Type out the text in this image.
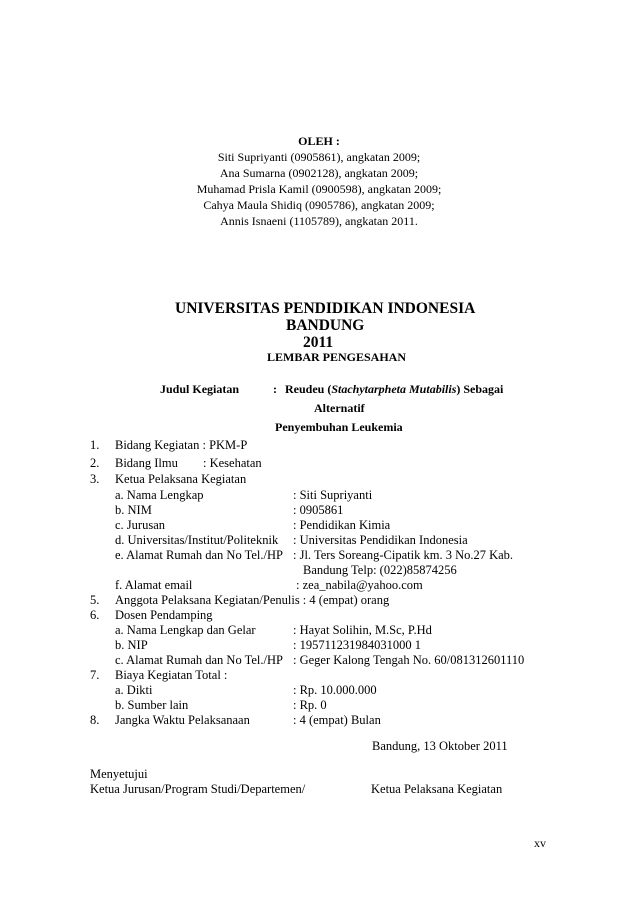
OLEH :
Siti Supriyanti (0905861), angkatan 2009;
Ana Sumarna (0902128), angkatan 2009;
Muhamad Prisla Kamil (0900598), angkatan 2009;
Cahya Maula Shidiq (0905786), angkatan 2009;
Annis Isnaeni (1105789), angkatan 2011.
UNIVERSITAS PENDIDIKAN INDONESIA
BANDUNG
2011
LEMBAR PENGESAHAN
Judul Kegiatan	: Reudeu (Stachytarpheta Mutabilis) Sebagai
Alternatif
Penyembuhan Leukemia
1. Bidang Kegiatan : PKM-P
2. Bidang Ilmu : Kesehatan
3. Ketua Pelaksana Kegiatan
a. Nama Lengkap	: Siti Supriyanti
b. NIM	: 0905861
c. Jurusan	: Pendidikan Kimia
d. Universitas/Institut/Politeknik : Universitas Pendidikan Indonesia
e. Alamat Rumah dan No Tel./HP : Jl. Ters Soreang-Cipatik km. 3 No.27 Kab.
Bandung Telp: (022)85874256
f. Alamat email	: zea_nabila@yahoo.com
5. Anggota Pelaksana Kegiatan/Penulis : 4 (empat) orang
6. Dosen Pendamping
a. Nama Lengkap dan Gelar	: Hayat Solihin, M.Sc, P.Hd
b. NIP	: 195711231984031000 1
c. Alamat Rumah dan No Tel./HP : Geger Kalong Tengah No. 60/081312601110
7. Biaya Kegiatan Total :
a. Dikti	: Rp. 10.000.000
b. Sumber lain	: Rp. 0
8. Jangka Waktu Pelaksanaan	: 4 (empat) Bulan
Bandung, 13 Oktober 2011
Menyetujui
Ketua Jurusan/Program Studi/Departemen/	Ketua Pelaksana Kegiatan
xv
